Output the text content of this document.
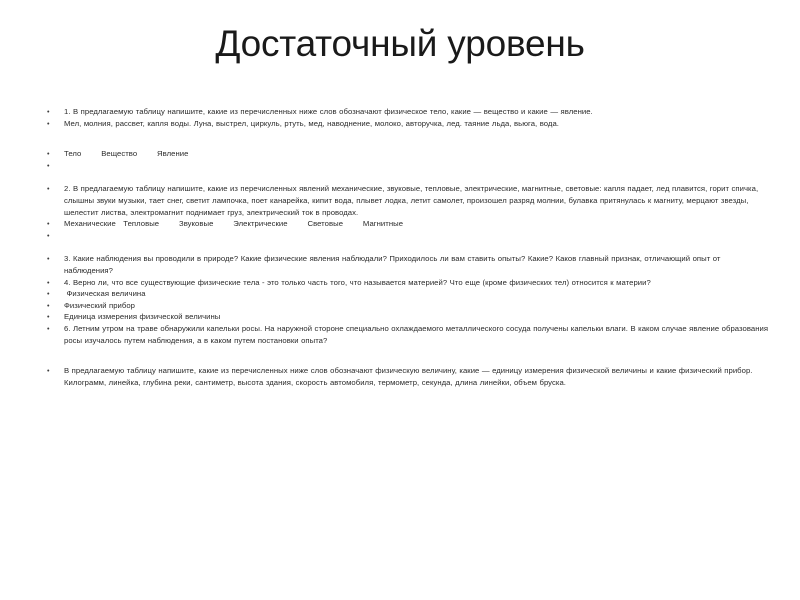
Достаточный уровень
•	1. В предлагаемую таблицу напишите, какие из перечисленных ниже слов обозначают физическое тело, какие — вещество и какие — явление.
•	Мел, молния, рассвет, капля воды. Луна, выстрел, циркуль, ртуть, мед, наводнение, молоко, авторучка, лед. таяние льда, вьюга, вода.
•	Тело        Вещество        Явление
•
•	2. В предлагаемую таблицу напишите, какие из перечисленных явлений механические, звуковые, тепловые, электрические, магнитные, световые: капля падает, лед плавится, горит спичка, слышны звуки музыки, тает снег, светит лампочка, поет канарейка, кипит вода, плывет лодка, летит самолет, произошел разряд молнии, булавка притянулась к магниту, мерцают звезды, шелестит листва, электромагнит поднимает груз, электрический ток в проводах.
•	Механические   Тепловые        Звуковые        Электрические        Световые        Магнитные
•
•	3. Какие наблюдения вы проводили в природе? Какие физические явления наблюдали? Приходилось ли вам ставить опыты? Какие? Каков главный признак, отличающий опыт от наблюдения?
•	4. Верно ли, что все существующие физические тела - это только часть того, что называется материей? Что еще (кроме физических тел) относится к материи?
•	Физическая величина
•	Физический прибор
•	Единица измерения физической величины
•	6. Летним утром на траве обнаружили капельки росы. На наружной стороне специально охлаждаемого металлического сосуда получены капельки влаги. В каком случае явление образования росы изучалось путем наблюдения, а в каком путем постановки опыта?
•	В предлагаемую таблицу напишите, какие из перечисленных ниже слов обозначают физическую величину, какие — единицу измерения физической величины и какие физический прибор. Килограмм, линейка, глубина реки, сантиметр, высота здания, скорость автомобиля, термометр, секунда, длина линейки, объем бруска.
